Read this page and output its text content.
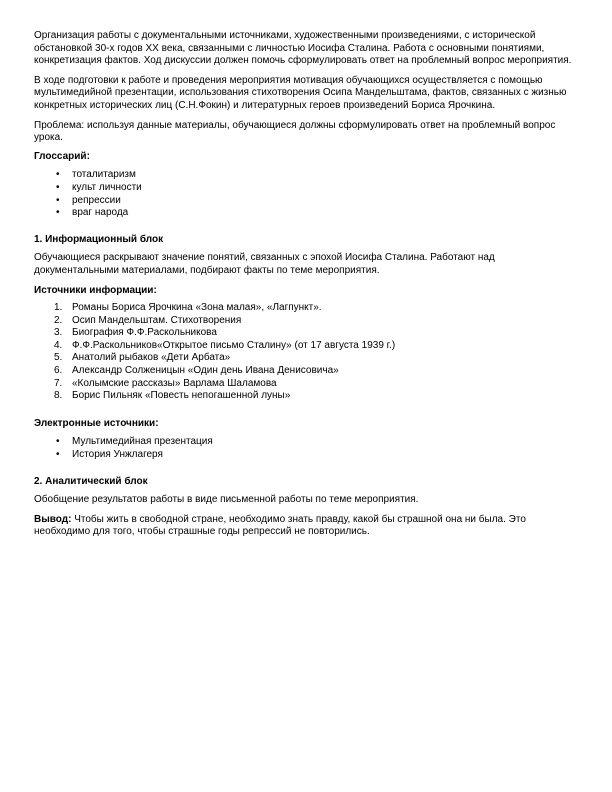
Организация работы с документальными источниками, художественными произведениями, с исторической обстановкой 30-х годов XX века, связанными с личностью Иосифа Сталина. Работа с основными понятиями, конкретизация фактов. Ход дискуссии должен помочь сформулировать ответ на проблемный вопрос мероприятия.

В ходе подготовки к работе и проведения мероприятия мотивация обучающихся осуществляется с помощью мультимедийной презентации, использования стихотворения Осипа Мандельштама, фактов, связанных с жизнью конкретных исторических лиц (С.Н.Фокин) и литературных героев произведений Бориса Ярочкина.

Проблема: используя данные материалы, обучающиеся должны сформулировать ответ на проблемный вопрос урока.

Глоссарий:

• тоталитаризм
• культ личности
• репрессии
• враг народа

1. Информационный блок

Обучающиеся раскрывают значение понятий, связанных с эпохой Иосифа Сталина. Работают над документальными материалами, подбирают факты по теме мероприятия.

Источники информации:

1. Романы Бориса Ярочкина «Зона малая», «Лагпункт».
2. Осип Мандельштам. Стихотворения
3. Биография Ф.Ф.Раскольникова
4. Ф.Ф.Раскольников«Открытое письмо Сталину» (от 17 августа 1939 г.)
5. Анатолий рыбаков «Дети Арбата»
6. Александр Солженицын «Один день Ивана Денисовича»
7. «Колымские рассказы» Варлама Шаламова
8. Борис Пильняк «Повесть непогашенной луны»

Электронные источники:

• Мультимедийная презентация
• История Унжлагеря

2. Аналитический блок

Обобщение результатов работы в виде письменной работы по теме мероприятия.

Вывод: Чтобы жить в свободной стране, необходимо знать правду, какой бы страшной она ни была. Это необходимо для того, чтобы страшные годы репрессий не повторились.
